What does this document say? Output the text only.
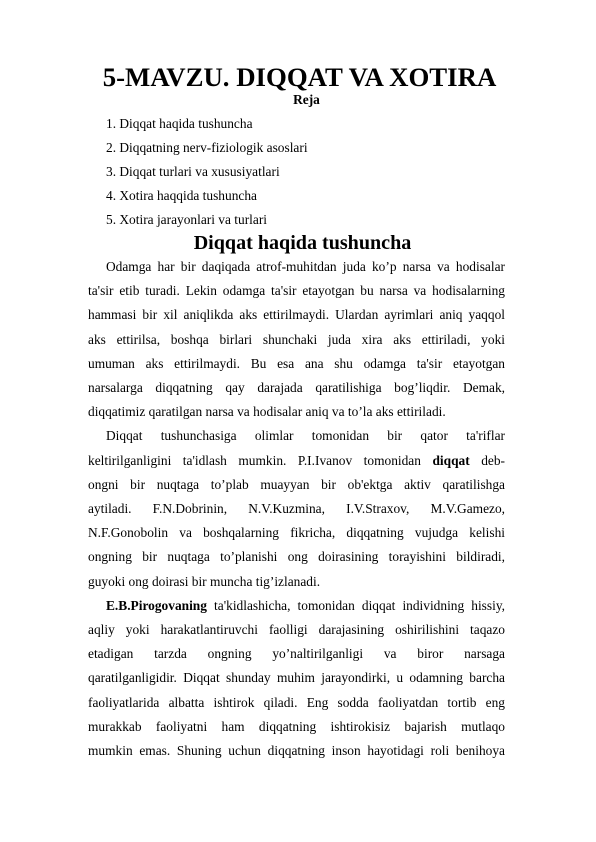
5-MAVZU. DIQQAT VA XOTIRA
Reja
1. Diqqat haqida tushuncha
2. Diqqatning nerv-fiziologik asoslari
3. Diqqat turlari va xususiyatlari
4. Xotira haqqida tushuncha
5. Xotira jarayonlari va turlari
Diqqat haqida tushuncha

Odamga har bir daqiqada atrof-muhitdan juda ko’p narsa va hodisalar
ta'sir etib turadi. Lekin odamga ta'sir etayotgan bu narsa va hodisalarning
hammasi bir xil aniqlikda aks ettirilmaydi. Ulardan ayrimlari aniq yaqqol
aks ettirilsa, boshqa birlari shunchaki juda xira aks ettiriladi, yoki
umuman aks ettirilmaydi. Bu esa ana shu odamga ta'sir etayotgan
narsalarga diqqatning qay darajada qaratilishiga bog’liqdir. Demak,
diqqatimiz qaratilgan narsa va hodisalar aniq va to’la aks ettiriladi.

Diqqat tushunchasiga olimlar tomonidan bir qator ta'riflar
keltirilganligini ta'idlash mumkin. P.I.Ivanov tomonidan diqqat deb-
ongni bir nuqtaga to’plab muayyan bir ob'ektga aktiv qaratilishga
aytiladi. F.N.Dobrinin, N.V.Kuzmina, I.V.Straxov, M.V.Gamezo,
N.F.Gonobolin va boshqalarning fikricha, diqqatning vujudga kelishi
ongning bir nuqtaga to’planishi ong doirasining torayishini bildiradi,
guyoki ong doirasi bir muncha tig’izlanadi.

E.B.Pirogovaning ta'kidlashicha, tomonidan diqqat individning hissiy,
aqliy yoki harakatlantiruvchi faolligi darajasining oshirilishini taqazo
etadigan tarzda ongning yo’naltirilganligi va biror narsaga
qaratilganligidir. Diqqat shunday muhim jarayondirki, u odamning barcha
faoliyatlarida albatta ishtirok qiladi. Eng sodda faoliyatdan tortib eng
murakkab faoliyatni ham diqqatning ishtirokisiz bajarish mutlaqo
mumkin emas. Shuning uchun diqqatning inson hayotidagi roli benihoya
